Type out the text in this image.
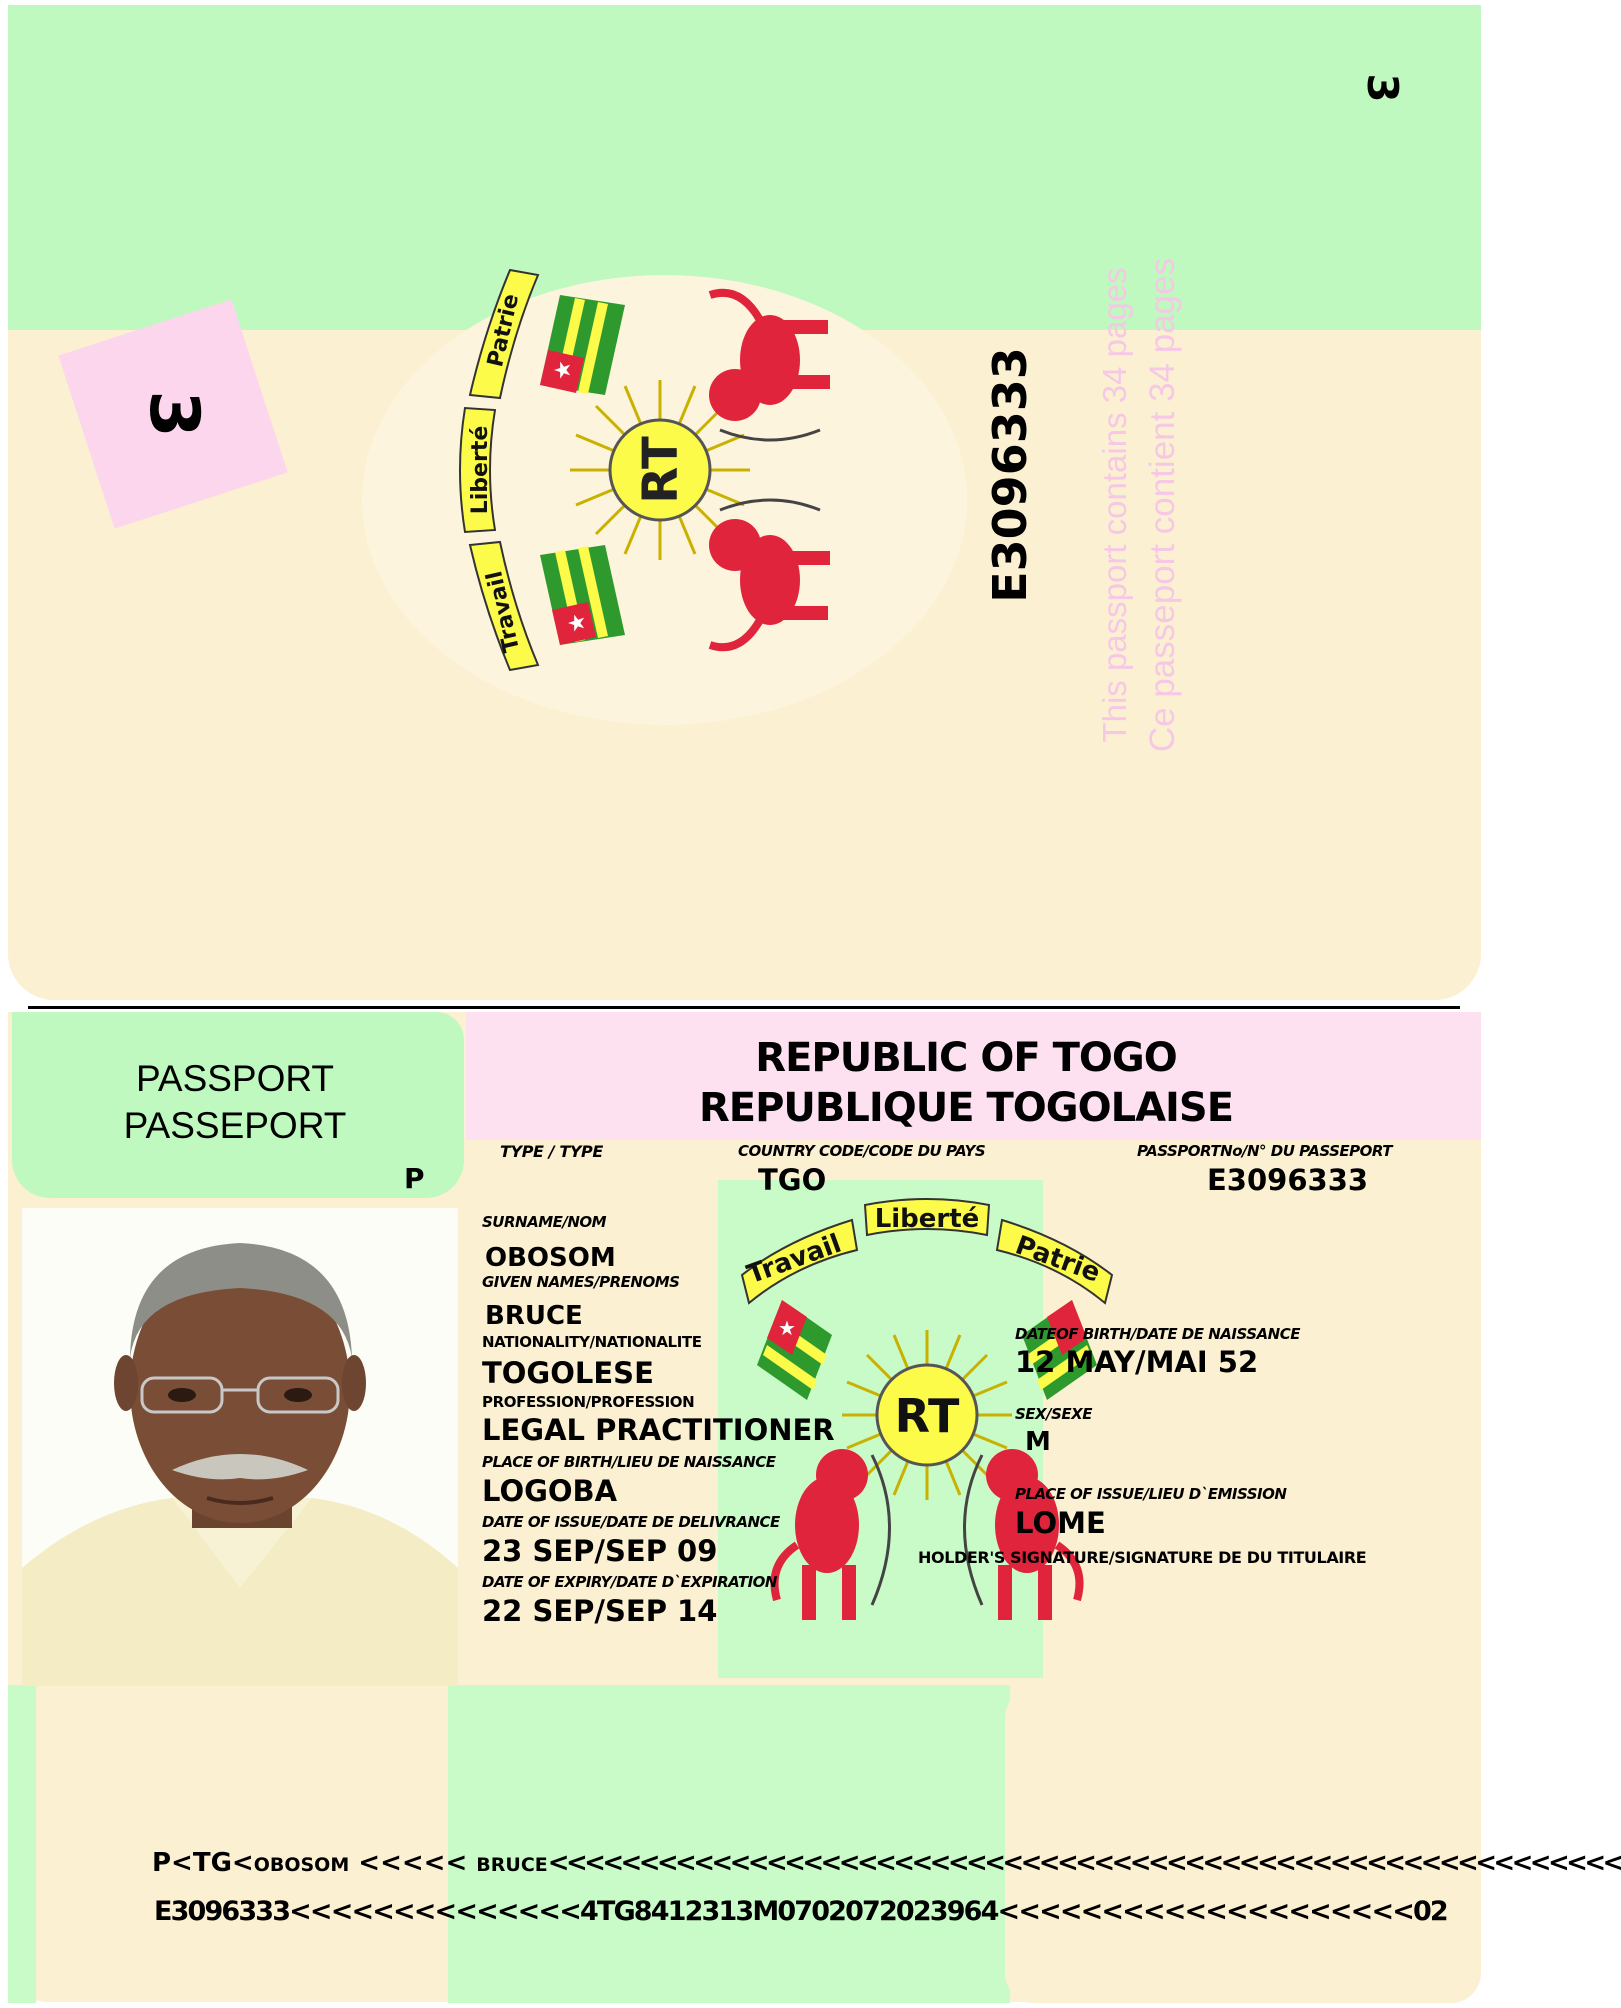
3
3
RT
★
★
Travail
Liberté
Patrie
E3096333 This passport contains 34 pages Ce passeport contient 34 pages
REPUBLIC OF TOGO
REPUBLIQUE TOGOLAISE
PASSPORT
PASSEPORT
P
RT
★
Travail
Liberté
Patrie
TYPE / TYPE	COUNTRY CODE/CODE DU PAYS
TGO
PASSPORTNo/N° DU PASSEPORT
E3096333
SURNAME/NOM
OBOSOM
GIVEN NAMES/PRENOMS
BRUCE
NATIONALITY/NATIONALITE
TOGOLESE
PROFESSION/PROFESSION
LEGAL PRACTITIONER
PLACE OF BIRTH/LIEU DE NAISSANCE
LOGOBA
DATE OF ISSUE/DATE DE DELIVRANCE
23 SEP/SEP 09
DATE OF EXPIRY/DATE D`EXPIRATION
22 SEP/SEP 14
DATEOF BIRTH/DATE DE NAISSANCE
12 MAY/MAI 52
SEX/SEXE
M
PLACE OF ISSUE/LIEU D`EMISSION
LOME
HOLDER'S SIGNATURE/SIGNATURE DE DU TITULAIRE
P<TG<OBOSOM <<<<< BRUCE<<<<<<<<<<<<<<<<<<<<<<<<<<<<<<<<<<<<<<<<<<<<<<<<<<<<<<<<<<<
E3096333<<<<<<<<<<<<<<4TG8412313M0702072023964<<<<<<<<<<<<<<<<<<<<02
